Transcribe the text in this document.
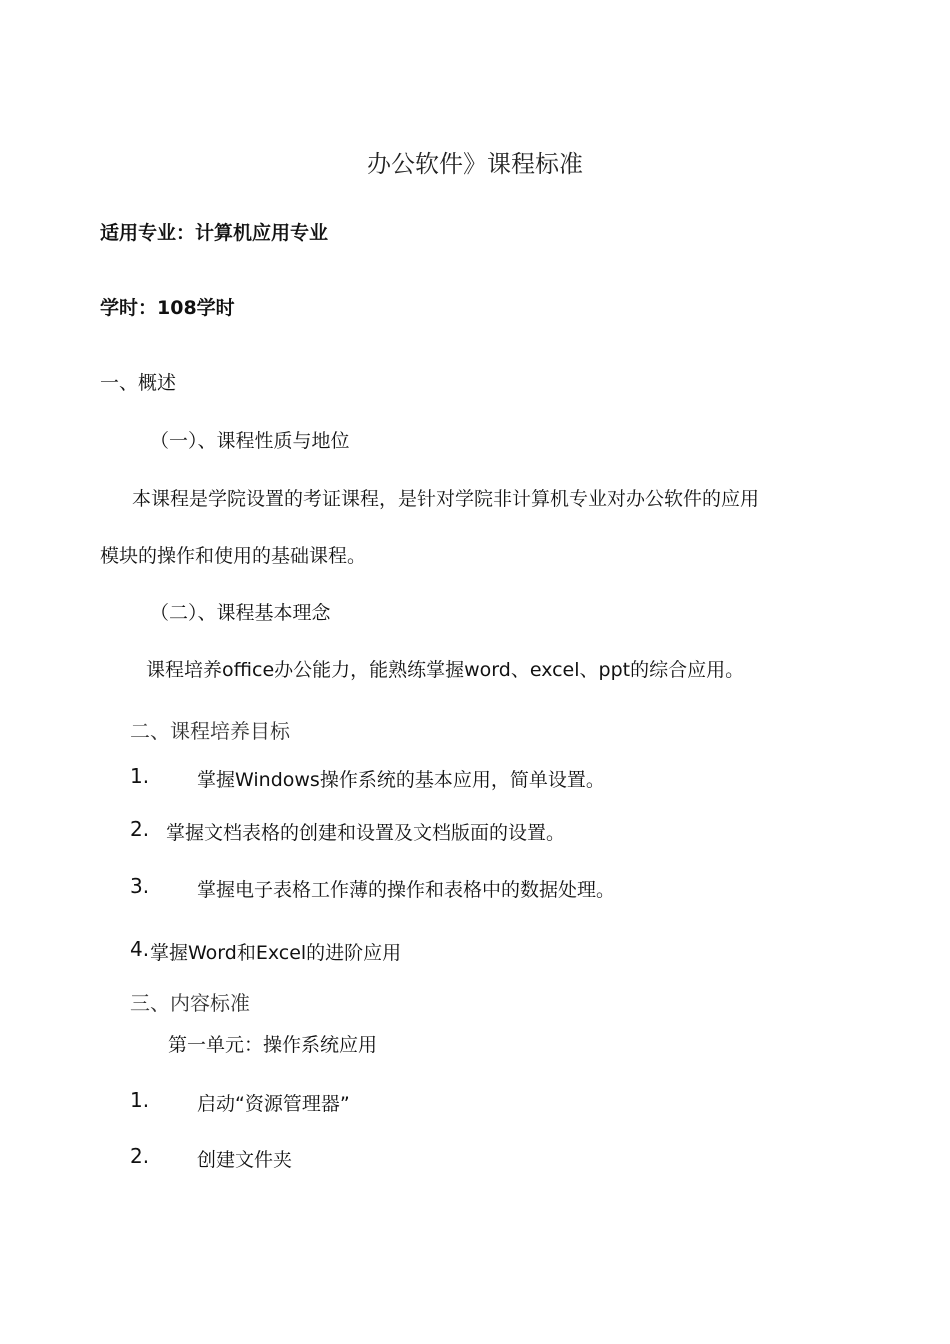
办公软件》课程标准
适用专业：计算机应用专业
学时：108学时
一、概述
（一）、课程性质与地位
本课程是学院设置的考证课程，是针对学院非计算机专业对办公软件的应用
模块的操作和使用的基础课程。
（二）、课程基本理念
课程培养office办公能力，能熟练掌握word、excel、ppt的综合应用。
二、课程培养目标
1.	掌握Windows操作系统的基本应用，简单设置。
2. 掌握文档表格的创建和设置及文档版面的设置。
3.	掌握电子表格工作薄的操作和表格中的数据处理。
4. 掌握Word和Excel的进阶应用
三、内容标准
第一单元：操作系统应用
1.	启动“资源管理器”
2.	创建文件夹
